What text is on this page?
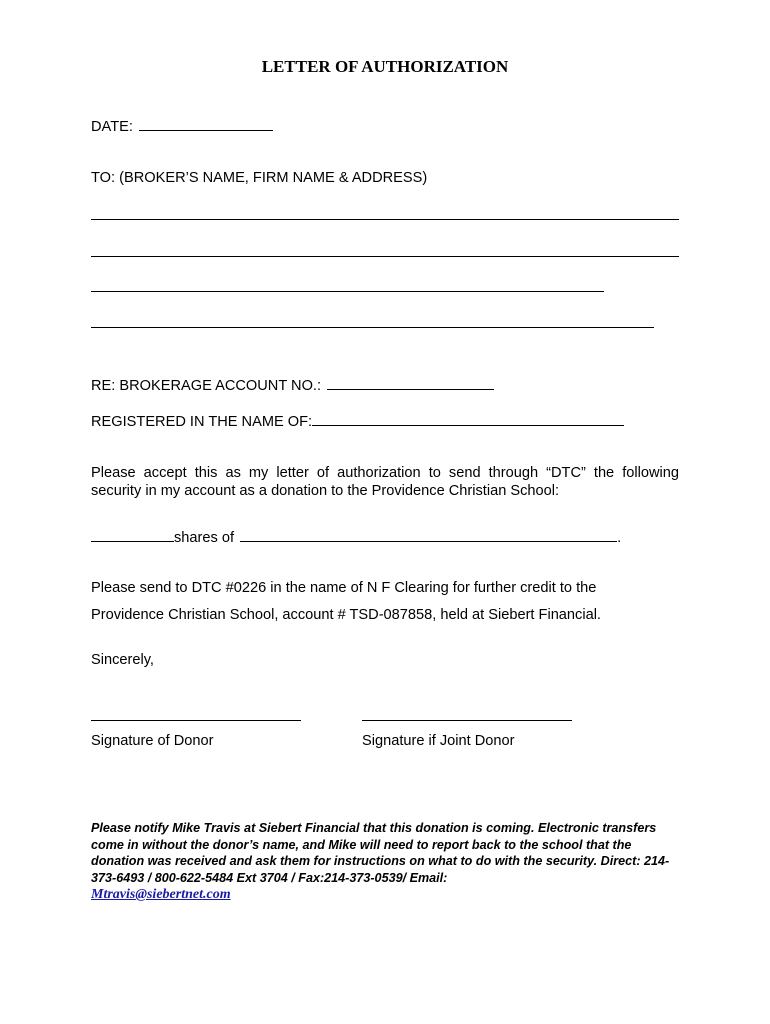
LETTER OF AUTHORIZATION
DATE:
TO: (BROKER’S NAME, FIRM NAME & ADDRESS)
RE: BROKERAGE ACCOUNT NO.:
REGISTERED IN THE NAME OF:
Please accept this as my letter of authorization to send through “DTC” the following security in my account as a donation to the Providence Christian School:
shares of	.
Please send to DTC #0226 in the name of N F Clearing for further credit to the
Providence Christian School, account # TSD-087858, held at Siebert Financial.
Sincerely,
Signature of Donor	Signature if Joint Donor
Please notify Mike Travis at Siebert Financial that this donation is coming. Electronic transfers come in without the donor’s name, and Mike will need to report back to the school that the donation was received and ask them for instructions on what to do with the security. Direct: 214-373-6493 / 800-622-5484 Ext 3704 / Fax:214-373-0539/ Email:
Mtravis@siebertnet.com
